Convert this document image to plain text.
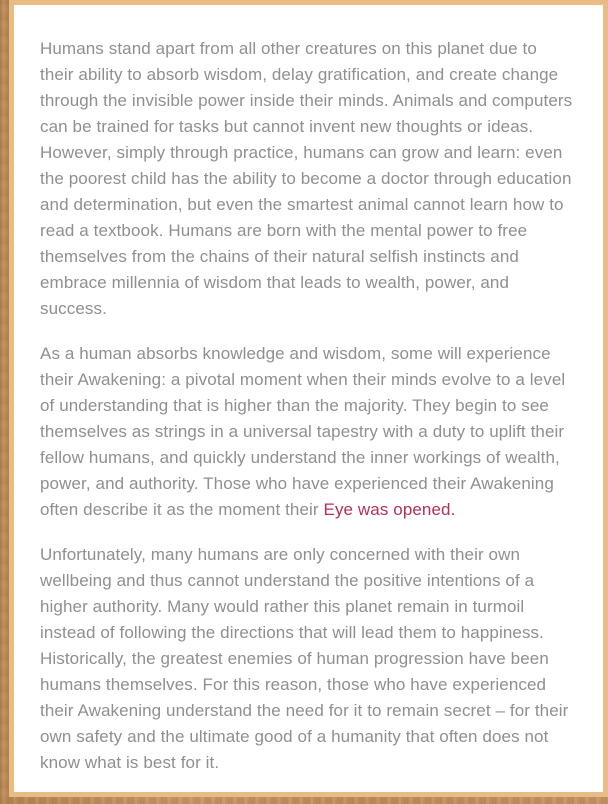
Humans stand apart from all other creatures on this planet due to their ability to absorb wisdom, delay gratification, and create change through the invisible power inside their minds. Animals and computers can be trained for tasks but cannot invent new thoughts or ideas. However, simply through practice, humans can grow and learn: even the poorest child has the ability to become a doctor through education and determination, but even the smartest animal cannot learn how to read a textbook. Humans are born with the mental power to free themselves from the chains of their natural selfish instincts and embrace millennia of wisdom that leads to wealth, power, and success.

As a human absorbs knowledge and wisdom, some will experience their Awakening: a pivotal moment when their minds evolve to a level of understanding that is higher than the majority. They begin to see themselves as strings in a universal tapestry with a duty to uplift their fellow humans, and quickly understand the inner workings of wealth, power, and authority. Those who have experienced their Awakening often describe it as the moment their Eye was opened.

Unfortunately, many humans are only concerned with their own wellbeing and thus cannot understand the positive intentions of a higher authority. Many would rather this planet remain in turmoil instead of following the directions that will lead them to happiness. Historically, the greatest enemies of human progression have been humans themselves. For this reason, those who have experienced their Awakening understand the need for it to remain secret – for their own safety and the ultimate good of a humanity that often does not know what is best for it.
